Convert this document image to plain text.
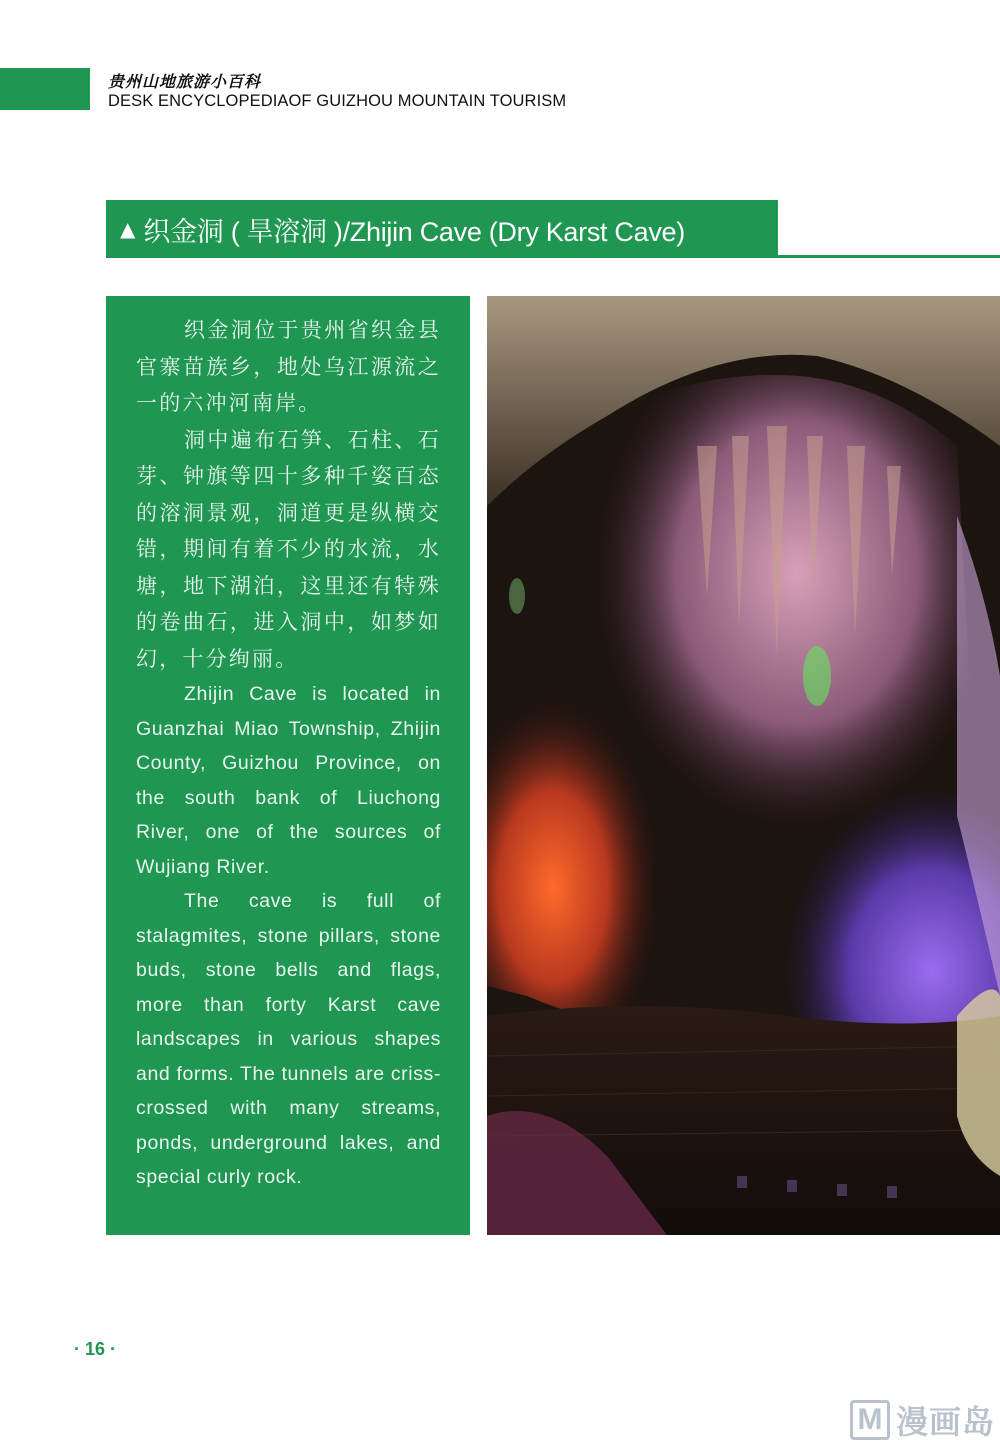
贵州山地旅游小百科
DESK ENCYCLOPEDIAOF GUIZHOU MOUNTAIN TOURISM
▲ 织金洞 ( 旱溶洞 )/Zhijin Cave (Dry Karst Cave)

织金洞位于贵州省织金县官寨苗族乡，地处乌江源流之一的六冲河南岸。

洞中遍布石笋、石柱、石芽、钟旗等四十多种千姿百态的溶洞景观，洞道更是纵横交错，期间有着不少的水流，水塘，地下湖泊，这里还有特殊的卷曲石，进入洞中，如梦如幻，十分绚丽。

Zhijin Cave is located in Guanzhai Miao Township, Zhijin County, Guizhou Province, on the south bank of Liuchong River, one of the sources of Wujiang River.

The cave is full of stalagmites, stone pillars, stone buds, stone bells and flags, more than forty Karst cave landscapes in various shapes and forms. The tunnels are criss-crossed with many streams, ponds, underground lakes, and special curly rock.

· 16 ·
M 漫画岛
